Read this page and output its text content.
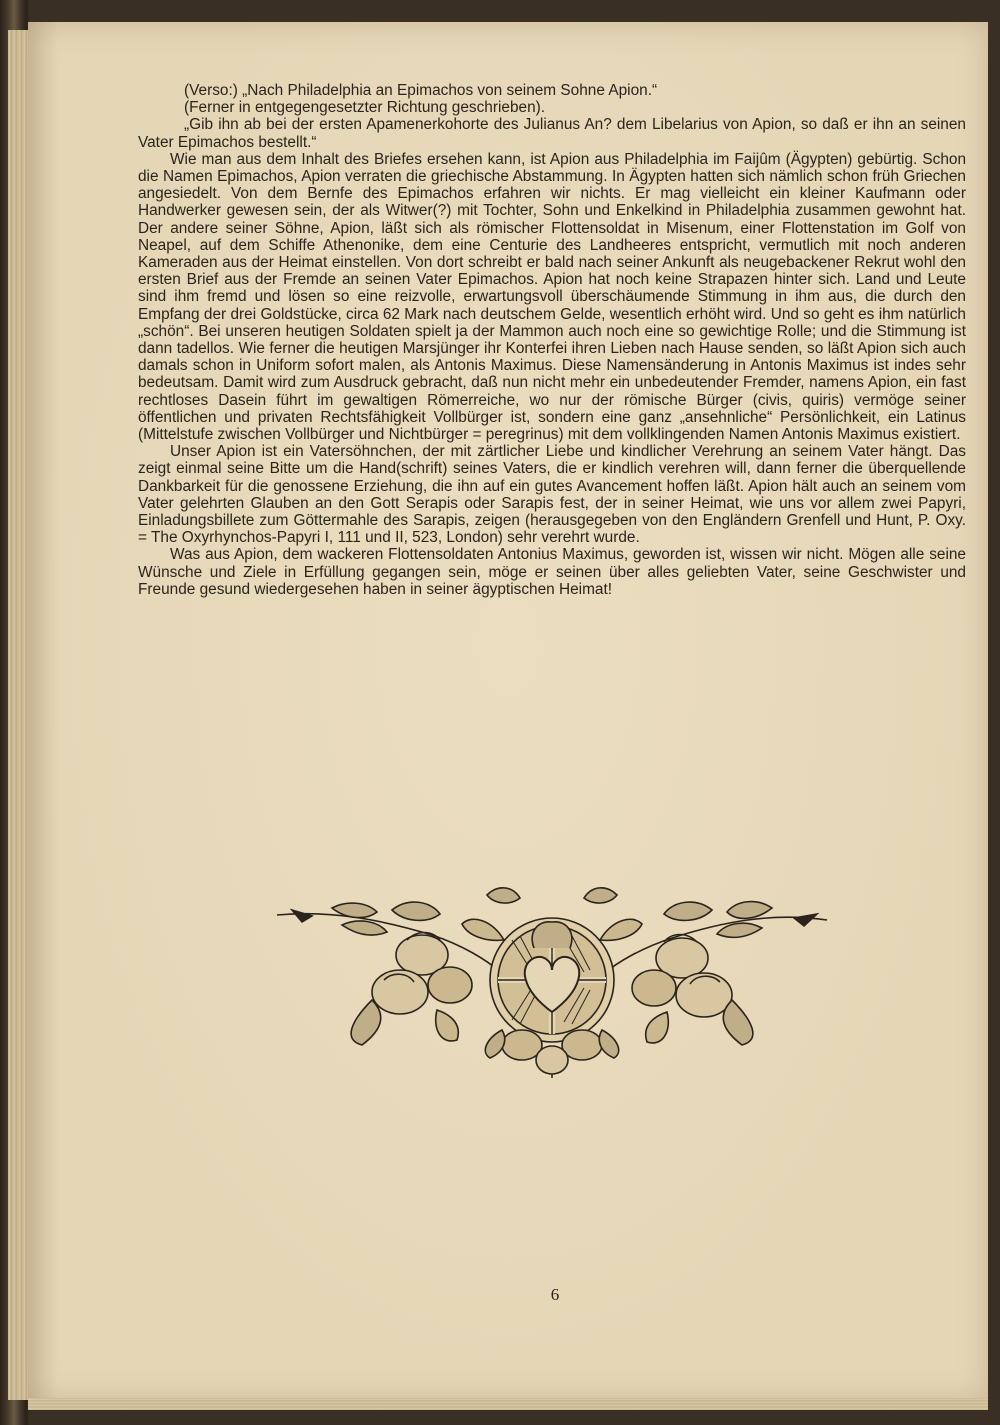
(Verso:) „Nach Philadelphia an Epimachos von seinem Sohne Apion.“

(Ferner in entgegengesetzter Richtung geschrieben).

„Gib ihn ab bei der ersten Apamenerkohorte des Julianus An? dem Libelarius von Apion, so daß er ihn an seinen Vater Epimachos bestellt.“

Wie man aus dem Inhalt des Briefes ersehen kann, ist Apion aus Philadelphia im Faijûm (Ägypten) gebürtig. Schon die Namen Epimachos, Apion verraten die griechische Abstammung. In Ägypten hatten sich nämlich schon früh Griechen angesiedelt. Von dem Bernfe des Epimachos erfahren wir nichts. Er mag vielleicht ein kleiner Kaufmann oder Handwerker gewesen sein, der als Witwer(?) mit Tochter, Sohn und Enkelkind in Philadelphia zusammen gewohnt hat. Der andere seiner Söhne, Apion, läßt sich als römischer Flottensoldat in Misenum, einer Flottenstation im Golf von Neapel, auf dem Schiffe Athenonike, dem eine Centurie des Landheeres entspricht, vermutlich mit noch anderen Kameraden aus der Heimat einstellen. Von dort schreibt er bald nach seiner Ankunft als neugebackener Rekrut wohl den ersten Brief aus der Fremde an seinen Vater Epimachos. Apion hat noch keine Strapazen hinter sich. Land und Leute sind ihm fremd und lösen so eine reizvolle, erwartungsvoll überschäumende Stimmung in ihm aus, die durch den Empfang der drei Goldstücke, circa 62 Mark nach deutschem Gelde, wesentlich erhöht wird. Und so geht es ihm natürlich „schön“. Bei unseren heutigen Soldaten spielt ja der Mammon auch noch eine so gewichtige Rolle; und die Stimmung ist dann tadellos. Wie ferner die heutigen Marsjünger ihr Konterfei ihren Lieben nach Hause senden, so läßt Apion sich auch damals schon in Uniform sofort malen, als Antonis Maximus. Diese Namensänderung in Antonis Maximus ist indes sehr bedeutsam. Damit wird zum Ausdruck gebracht, daß nun nicht mehr ein unbedeutender Fremder, namens Apion, ein fast rechtloses Dasein führt im gewaltigen Römerreiche, wo nur der römische Bürger (civis, quiris) vermöge seiner öffentlichen und privaten Rechtsfähigkeit Vollbürger ist, sondern eine ganz „ansehnliche“ Persönlichkeit, ein Latinus (Mittelstufe zwischen Vollbürger und Nichtbürger = peregrinus) mit dem vollklingenden Namen Antonis Maximus existiert.

Unser Apion ist ein Vatersöhnchen, der mit zärtlicher Liebe und kindlicher Verehrung an seinem Vater hängt. Das zeigt einmal seine Bitte um die Hand(schrift) seines Vaters, die er kindlich verehren will, dann ferner die überquellende Dankbarkeit für die genossene Erziehung, die ihn auf ein gutes Avancement hoffen läßt. Apion hält auch an seinem vom Vater gelehrten Glauben an den Gott Serapis oder Sarapis fest, der in seiner Heimat, wie uns vor allem zwei Papyri, Einladungsbillete zum Göttermahle des Sarapis, zeigen (herausgegeben von den Engländern Grenfell und Hunt, P. Oxy. = The Oxyrhynchos-Papyri I, 111 und II, 523, London) sehr verehrt wurde.

Was aus Apion, dem wackeren Flottensoldaten Antonius Maximus, geworden ist, wissen wir nicht. Mögen alle seine Wünsche und Ziele in Erfüllung gegangen sein, möge er seinen über alles geliebten Vater, seine Geschwister und Freunde gesund wiedergesehen haben in seiner ägyptischen Heimat!

6
